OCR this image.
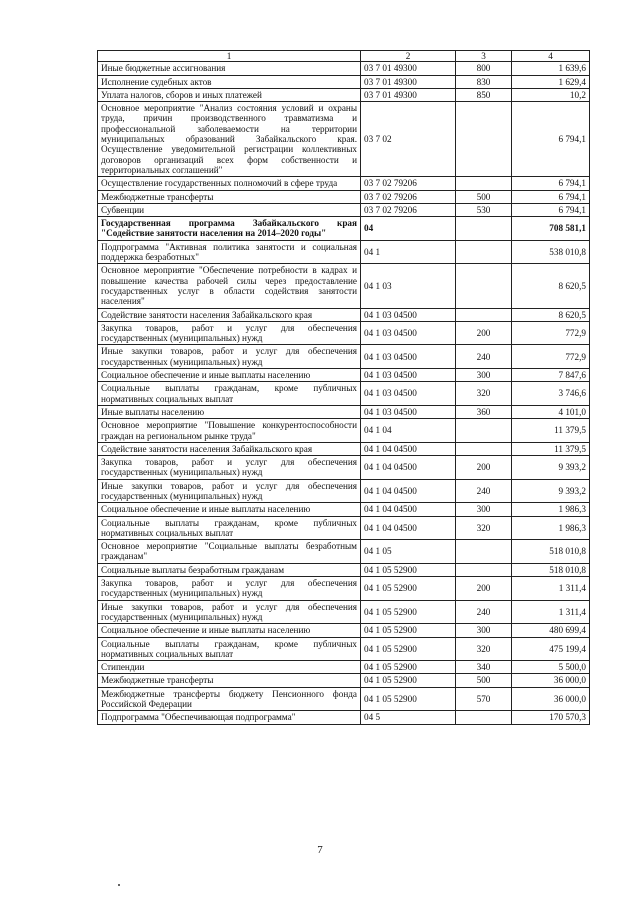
1	2	3	4
Иные бюджетные ассигнования	03 7 01 49300	800	1 639,6
Исполнение судебных актов	03 7 01 49300	830	1 629,4
Уплата налогов, сборов и иных платежей	03 7 01 49300	850	10,2
Основное мероприятие "Анализ состояния условий и охраны труда, причин производственного травматизма и профессиональной заболеваемости на территории муниципальных образований Забайкальского края. Осуществление уведомительной регистрации коллективных договоров организаций всех форм собственности и территориальных соглашений"	03 7 02		6 794,1
Осуществление государственных полномочий в сфере труда	03 7 02 79206		6 794,1
Межбюджетные трансферты	03 7 02 79206	500	6 794,1
Субвенции	03 7 02 79206	530	6 794,1
Государственная программа Забайкальского края "Содействие занятости населения на 2014–2020 годы"	04		708 581,1
Подпрограмма "Активная политика занятости и социальная поддержка безработных"	04 1		538 010,8
Основное мероприятие "Обеспечение потребности в кадрах и повышение качества рабочей силы через предоставление государственных услуг в области содействия занятости населения"	04 1 03		8 620,5
Содействие занятости населения Забайкальского края	04 1 03 04500		8 620,5
Закупка товаров, работ и услуг для обеспечения государственных (муниципальных) нужд	04 1 03 04500	200	772,9
Иные закупки товаров, работ и услуг для обеспечения государственных (муниципальных) нужд	04 1 03 04500	240	772,9
Социальное обеспечение и иные выплаты населению	04 1 03 04500	300	7 847,6
Социальные выплаты гражданам, кроме публичных нормативных социальных выплат	04 1 03 04500	320	3 746,6
Иные выплаты населению	04 1 03 04500	360	4 101,0
Основное мероприятие "Повышение конкурентоспособности граждан на региональном рынке труда"	04 1 04		11 379,5
Содействие занятости населения Забайкальского края	04 1 04 04500		11 379,5
Закупка товаров, работ и услуг для обеспечения государственных (муниципальных) нужд	04 1 04 04500	200	9 393,2
Иные закупки товаров, работ и услуг для обеспечения государственных (муниципальных) нужд	04 1 04 04500	240	9 393,2
Социальное обеспечение и иные выплаты населению	04 1 04 04500	300	1 986,3
Социальные выплаты гражданам, кроме публичных нормативных социальных выплат	04 1 04 04500	320	1 986,3
Основное мероприятие "Социальные выплаты безработным гражданам"	04 1 05		518 010,8
Социальные выплаты безработным гражданам	04 1 05 52900		518 010,8
Закупка товаров, работ и услуг для обеспечения государственных (муниципальных) нужд	04 1 05 52900	200	1 311,4
Иные закупки товаров, работ и услуг для обеспечения государственных (муниципальных) нужд	04 1 05 52900	240	1 311,4
Социальное обеспечение и иные выплаты населению	04 1 05 52900	300	480 699,4
Социальные выплаты гражданам, кроме публичных нормативных социальных выплат	04 1 05 52900	320	475 199,4
Стипендии	04 1 05 52900	340	5 500,0
Межбюджетные трансферты	04 1 05 52900	500	36 000,0
Межбюджетные трансферты бюджету Пенсионного фонда Российской Федерации	04 1 05 52900	570	36 000,0
Подпрограмма "Обеспечивающая подпрограмма"	04 5		170 570,3
7
